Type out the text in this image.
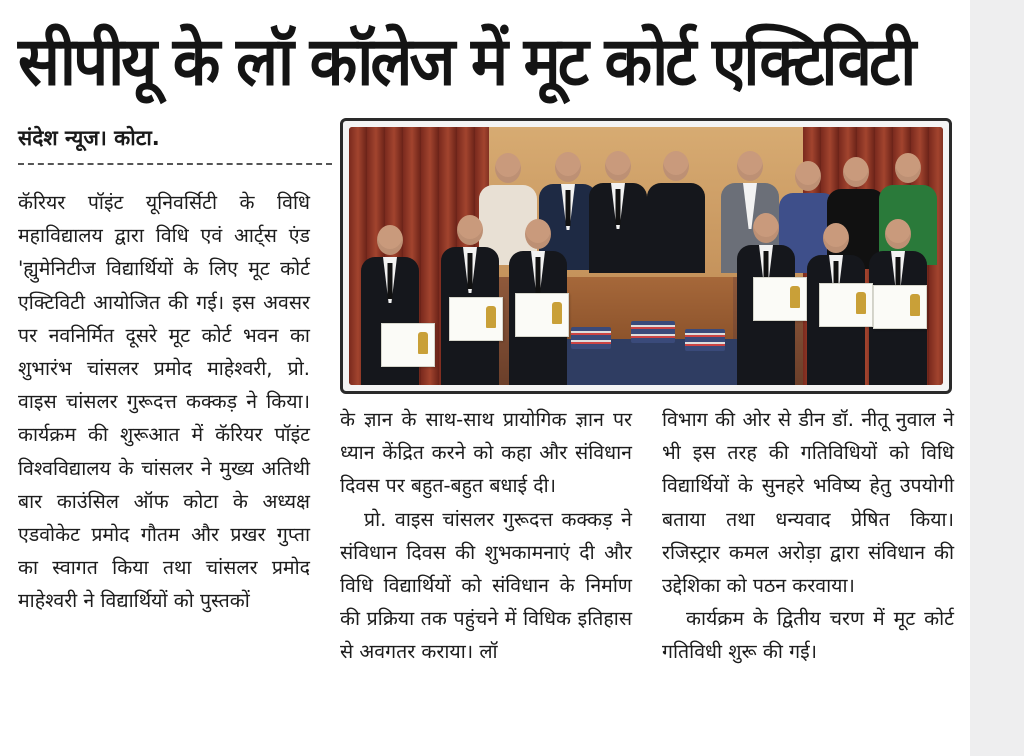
सीपीयू के लॉ कॉलेज में मूट कोर्ट एक्टिविटी
संदेश न्यूज। कोटा.

कॅरियर पॉइंट यूनिवर्सिटी के विधि महाविद्यालय द्वारा विधि एवं आर्ट्स एंड 'ह्युमेनिटीज विद्यार्थियों के लिए मूट कोर्ट एक्टिविटी आयोजित की गई। इस अवसर पर नवनिर्मित दूसरे मूट कोर्ट भवन का शुभारंभ चांसलर प्रमोद माहेश्वरी, प्रो. वाइस चांसलर गुरूदत्त कक्कड़ ने किया। कार्यक्रम की शुरूआत में कॅरियर पॉइंट विश्वविद्यालय के चांसलर ने मुख्य अतिथी बार काउंसिल ऑफ कोटा के अध्यक्ष एडवोकेट प्रमोद गौतम और प्रखर गुप्ता का स्वागत किया तथा चांसलर प्रमोद माहेश्वरी ने विद्यार्थियों को पुस्तकों

के ज्ञान के साथ-साथ प्रायोगिक ज्ञान पर ध्यान केंद्रित करने को कहा और संविधान दिवस पर बहुत-बहुत बधाई दी।

प्रो. वाइस चांसलर गुरूदत्त कक्कड़ ने संविधान दिवस की शुभकामनाएं दी और विधि विद्यार्थियों को संविधान के निर्माण की प्रक्रिया तक पहुंचने में विधिक इतिहास से अवगतर कराया। लॉ

विभाग की ओर से डीन डॉ. नीतू नुवाल ने भी इस तरह की गतिविधियों को विधि विद्यार्थियों के सुनहरे भविष्य हेतु उपयोगी बताया तथा धन्यवाद प्रेषित किया। रजिस्ट्रार कमल अरोड़ा द्वारा संविधान की उद्देशिका को पठन करवाया।

कार्यक्रम के द्वितीय चरण में मूट कोर्ट गतिविधी शुरू की गई।
